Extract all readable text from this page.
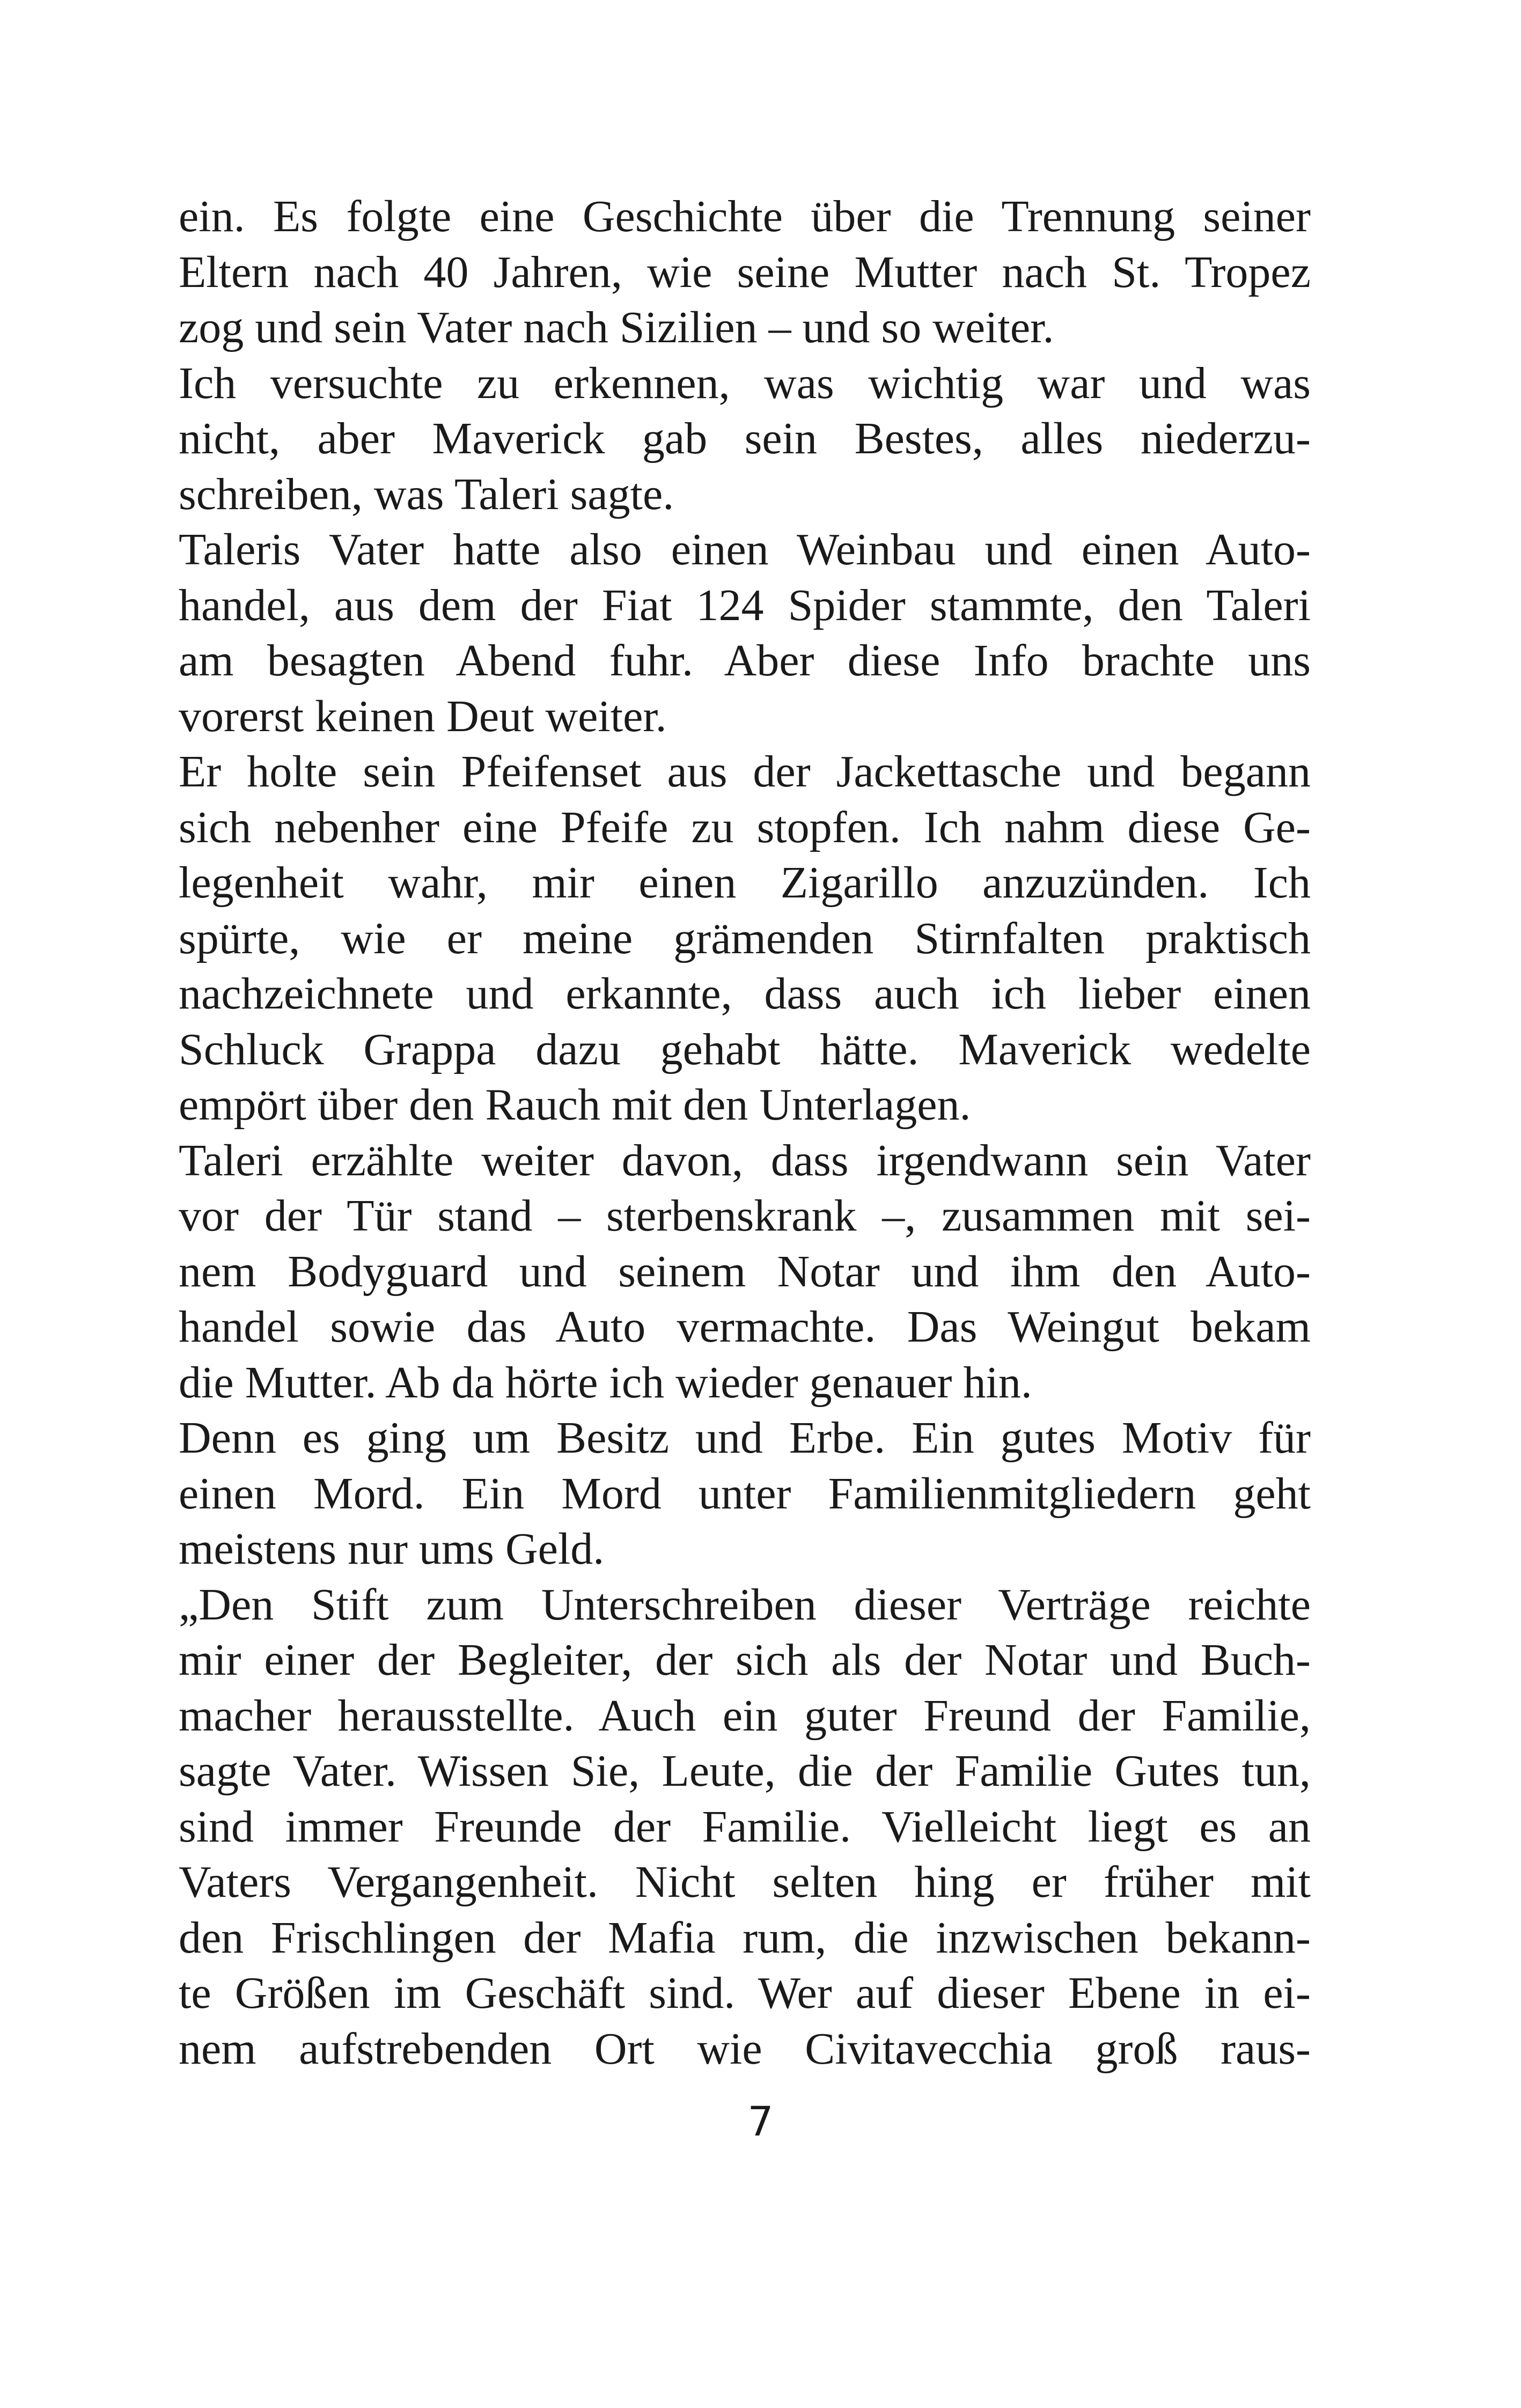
ein. Es folgte eine Geschichte über die Trennung seiner
Eltern nach 40 Jahren, wie seine Mutter nach St. Tropez
zog und sein Vater nach Sizilien – und so weiter.
Ich versuchte zu erkennen, was wichtig war und was
nicht, aber Maverick gab sein Bestes, alles niederzu-
schreiben, was Taleri sagte.
Taleris Vater hatte also einen Weinbau und einen Auto-
handel, aus dem der Fiat 124 Spider stammte, den Taleri
am besagten Abend fuhr. Aber diese Info brachte uns
vorerst keinen Deut weiter.
Er holte sein Pfeifenset aus der Jackettasche und begann
sich nebenher eine Pfeife zu stopfen. Ich nahm diese Ge-
legenheit wahr, mir einen Zigarillo anzuzünden. Ich
spürte, wie er meine grämenden Stirnfalten praktisch
nachzeichnete und erkannte, dass auch ich lieber einen
Schluck Grappa dazu gehabt hätte. Maverick wedelte
empört über den Rauch mit den Unterlagen.
Taleri erzählte weiter davon, dass irgendwann sein Vater
vor der Tür stand – sterbenskrank –, zusammen mit sei-
nem Bodyguard und seinem Notar und ihm den Auto-
handel sowie das Auto vermachte. Das Weingut bekam
die Mutter. Ab da hörte ich wieder genauer hin.
Denn es ging um Besitz und Erbe. Ein gutes Motiv für
einen Mord. Ein Mord unter Familienmitgliedern geht
meistens nur ums Geld.
„Den Stift zum Unterschreiben dieser Verträge reichte
mir einer der Begleiter, der sich als der Notar und Buch-
macher herausstellte. Auch ein guter Freund der Familie,
sagte Vater. Wissen Sie, Leute, die der Familie Gutes tun,
sind immer Freunde der Familie. Vielleicht liegt es an
Vaters Vergangenheit. Nicht selten hing er früher mit
den Frischlingen der Mafia rum, die inzwischen bekann-
te Größen im Geschäft sind. Wer auf dieser Ebene in ei-
nem aufstrebenden Ort wie Civitavecchia groß raus-
7
